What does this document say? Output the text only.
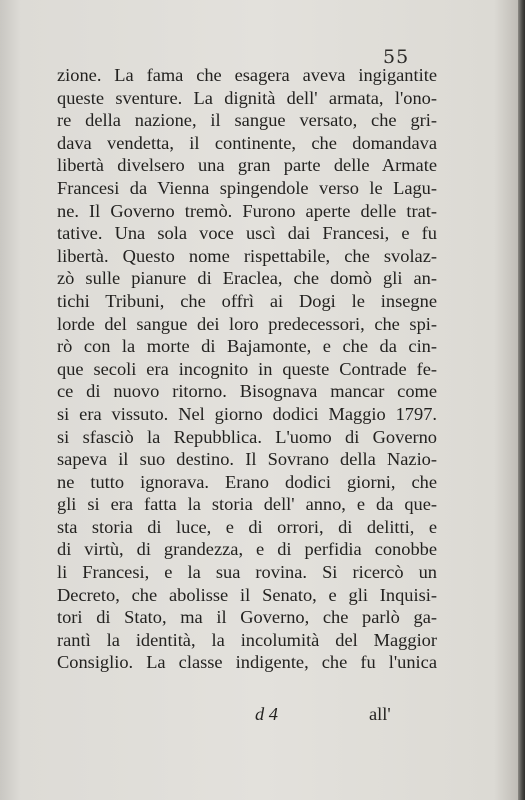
55
zione. La fama che esagera aveva ingigantite
queste sventure. La dignità dell' armata, l'ono-
re della nazione, il sangue versato, che gri-
dava vendetta, il continente, che domandava
libertà divelsero una gran parte delle Armate
Francesi da Vienna spingendole verso le Lagu-
ne. Il Governo tremò. Furono aperte delle trat-
tative. Una sola voce uscì dai Francesi, e fu
libertà. Questo nome rispettabile, che svolaz-
zò sulle pianure di Eraclea, che domò gli an-
tichi Tribuni, che offrì ai Dogi le insegne
lorde del sangue dei loro predecessori, che spi-
rò con la morte di Bajamonte, e che da cin-
que secoli era incognito in queste Contrade fe-
ce di nuovo ritorno. Bisognava mancar come
si era vissuto. Nel giorno dodici Maggio 1797.
si sfasciò la Repubblica. L'uomo di Governo
sapeva il suo destino. Il Sovrano della Nazio-
ne tutto ignorava. Erano dodici giorni, che
gli si era fatta la storia dell' anno, e da que-
sta storia di luce, e di orrori, di delitti, e
di virtù, di grandezza, e di perfidia conobbe
li Francesi, e la sua rovina. Si ricercò un
Decreto, che abolisse il Senato, e gli Inquisi-
tori di Stato, ma il Governo, che parlò ga-
rantì la identità, la incolumità del Maggior
Consiglio. La classe indigente, che fu l'unica
d 4	all'
